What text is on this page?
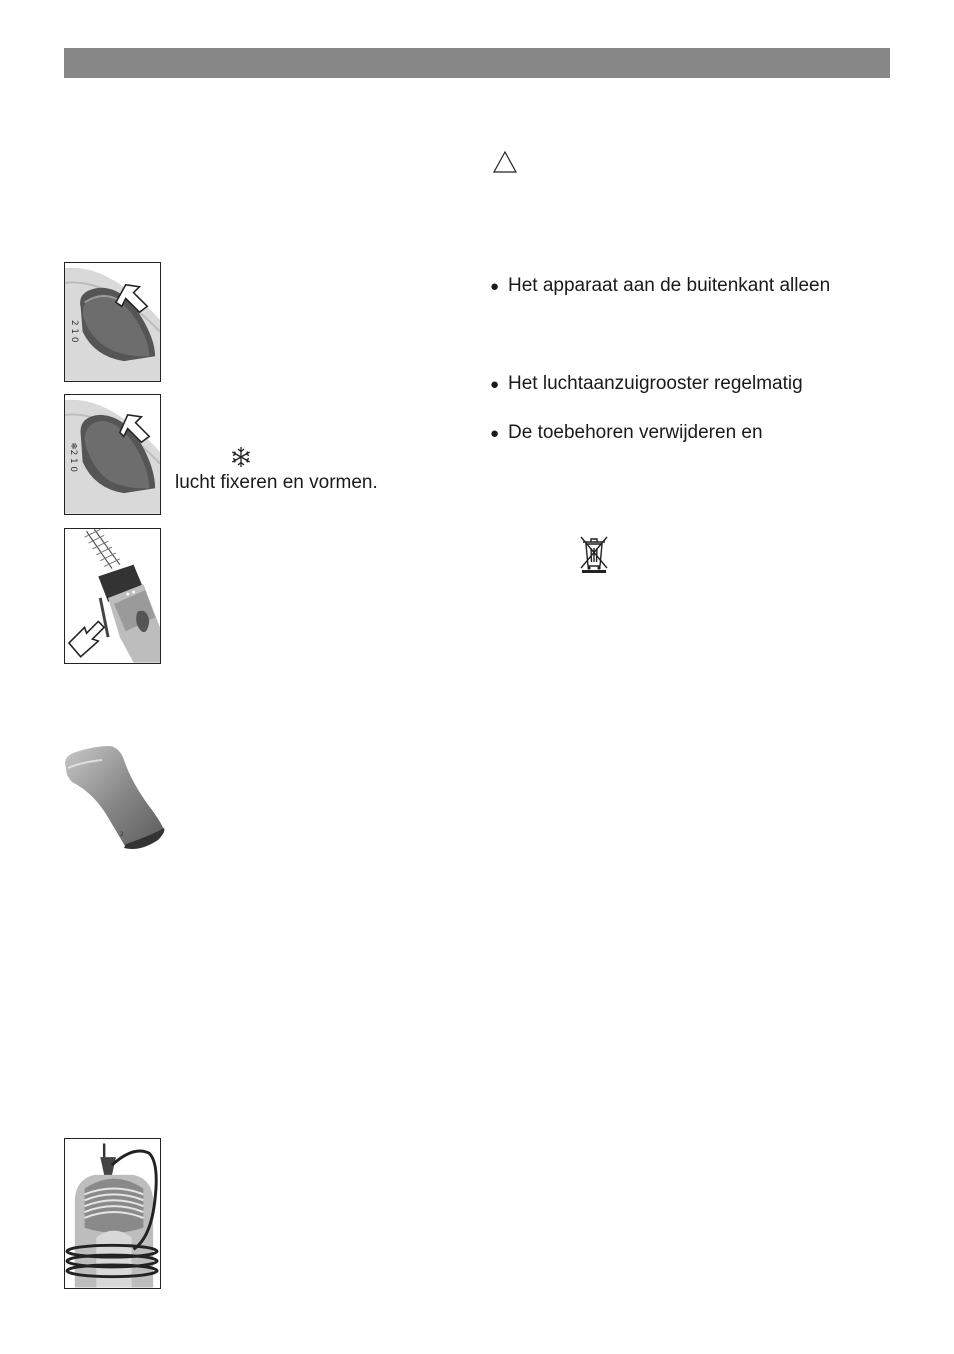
2 1 0
❄2 1 0
lucht fixeren en vormen.
2
● Het apparaat aan de buitenkant alleen
● Het luchtaanzuigrooster regelmatig
● De toebehoren verwijderen en
